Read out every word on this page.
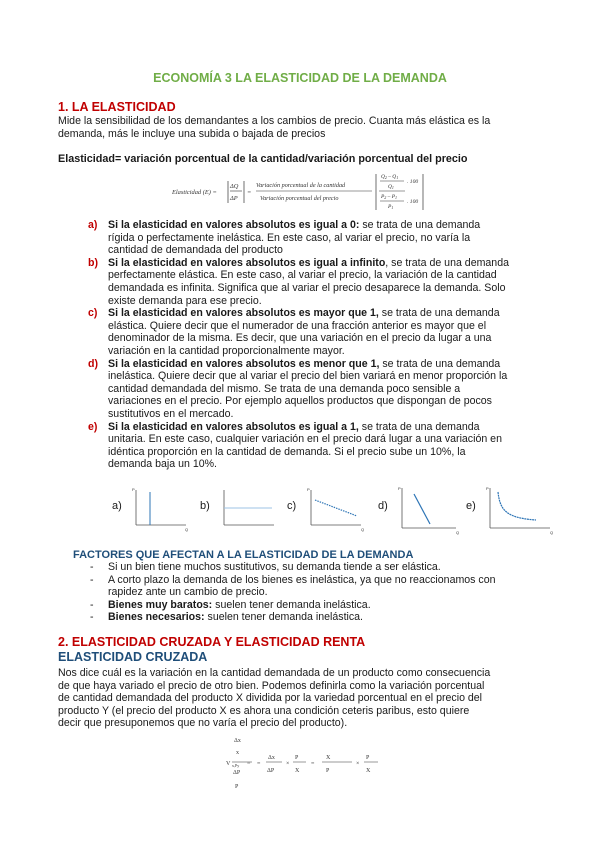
ECONOMÍA 3 LA ELASTICIDAD DE LA DEMANDA
1. LA ELASTICIDAD
Mide la sensibilidad de los demandantes a los cambios de precio. Cuanta más elástica es la
demanda, más le incluye una subida o bajada de precios
Elasticidad= variación porcentual de la cantidad/variación porcentual del precio
Elasticidad (E) =
ΔQ
ΔP
=
Variación porcentual de la cantidad
Variación porcentual del precio
Q2 – Q1
Q1
P2 – P1
P1
. 100
. 100
a) Si la elasticidad en valores absolutos es igual a 0: se trata de una demanda
rígida o perfectamente inelástica. En este caso, al variar el precio, no varía la
cantidad de demandada del producto
b) Si la elasticidad en valores absolutos es igual a infinito, se trata de una demanda
perfectamente elástica. En este caso, al variar el precio, la variación de la cantidad
demandada es infinita. Significa que al variar el precio desaparece la demanda. Solo
existe demanda para ese precio.
c) Si la elasticidad en valores absolutos es mayor que 1, se trata de una demanda
elástica. Quiere decir que el numerador de una fracción anterior es mayor que el
denominador de la misma. Es decir, que una variación en el precio da lugar a una
variación en la cantidad proporcionalmente mayor.
d) Si la elasticidad en valores absolutos es menor que 1, se trata de una demanda
inelástica. Quiere decir que al variar el precio del bien variará en menor proporción la
cantidad demandada del mismo. Se trata de una demanda poco sensible a
variaciones en el precio. Por ejemplo aquellos productos que dispongan de pocos
sustitutivos en el mercado.
e) Si la elasticidad en valores absolutos es igual a 1, se trata de una demanda
unitaria. En este caso, cualquier variación en el precio dará lugar a una variación en
idéntica proporción en la cantidad de demanda. Si el precio sube un 10%, la
demanda baja un 10%.
a)
P
Q
b)	c)
P
Q
d)
P
Q
e)
P
Q
FACTORES QUE AFECTAN A LA ELASTICIDAD DE LA DEMANDA
- Si un bien tiene muchos sustitutivos, su demanda tiende a ser elástica.
- A corto plazo la demanda de los bienes es inelástica, ya que no reaccionamos con
rapidez ante un cambio de precio.
- Bienes muy baratos: suelen tener demanda inelástica.
- Bienes necesarios: suelen tener demanda inelástica.
2. ELASTICIDAD CRUZADA Y ELASTICIDAD RENTA
ELASTICIDAD CRUZADA
Nos dice cuál es la variación en la cantidad demandada de un producto como consecuencia
de que haya variado el precio de otro bien. Podemos definirla como la variación porcentual
de cantidad demandada del producto X dividida por la variedad porcentual en el precio del
producto Y (el precio del producto X es ahora una condición ceteris paribus, esto quiere
decir que presuponemos que no varía el precio del producto).
V x,Py =
Δx
x
ΔP
P
=
Δx
ΔP
×
P
X
=
X
P
×
P
X
